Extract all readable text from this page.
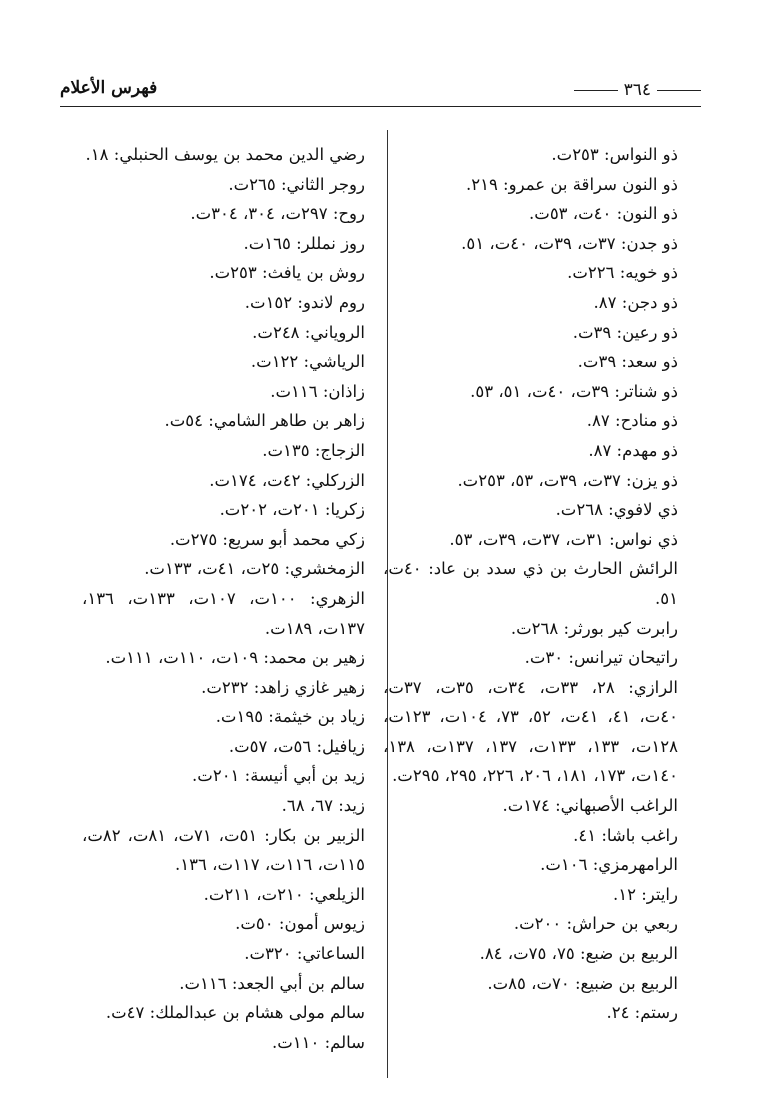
فهرس الأعلام	٣٦٤
ذو النواس: ٢٥٣ت.
ذو النون سراقة بن عمرو: ٢١٩.
ذو النون: ٤٠ت، ٥٣ت.
ذو جدن: ٣٧ت، ٣٩ت، ٤٠ت، ٥١.
ذو خويه: ٢٢٦ت.
ذو دجن: ٨٧.
ذو رعين: ٣٩ت.
ذو سعد: ٣٩ت.
ذو شناتر: ٣٩ت، ٤٠ت، ٥١، ٥٣.
ذو منادح: ٨٧.
ذو مهدم: ٨٧.
ذو يزن: ٣٧ت، ٣٩ت، ٥٣، ٢٥٣ت.
ذي لافوي: ٢٦٨ت.
ذي نواس: ٣١ت، ٣٧ت، ٣٩ت، ٥٣.
الرائش الحارث بن ذي سدد بن عاد: ٤٠ت، ٥١.
رابرت كير بورثر: ٢٦٨ت.
راتيحان تيرانس: ٣٠ت.
الرازي: ٢٨، ٣٣ت، ٣٤ت، ٣٥ت، ٣٧ت، ٤٠ت، ٤١، ٤١ت، ٥٢، ٧٣، ١٠٤ت، ١٢٣ت، ١٢٨ت، ١٣٣، ١٣٣ت، ١٣٧، ١٣٧ت، ١٣٨، ١٤٠ت، ١٧٣، ١٨١، ٢٠٦، ٢٢٦، ٢٩٥، ٢٩٥ت.
الراغب الأصبهاني: ١٧٤ت.
راغب باشا: ٤١.
الرامهرمزي: ١٠٦ت.
رايتر: ١٢.
ربعي بن حراش: ٢٠٠ت.
الربيع بن ضبع: ٧٥، ٧٥ت، ٨٤.
الربيع بن ضبيع: ٧٠ت، ٨٥ت.
رستم: ٢٤.
رضي الدين محمد بن يوسف الحنبلي: ١٨.
روجر الثاني: ٢٦٥ت.
روح: ٢٩٧ت، ٣٠٤، ٣٠٤ت.
روز نمللر: ١٦٥ت.
روش بن يافث: ٢٥٣ت.
روم لاندو: ١٥٢ت.
الروياني: ٢٤٨ت.
الرياشي: ١٢٢ت.
زاذان: ١١٦ت.
زاهر بن طاهر الشامي: ٥٤ت.
الزجاج: ١٣٥ت.
الزركلي: ٤٢ت، ١٧٤ت.
زكريا: ٢٠١ت، ٢٠٢ت.
زكي محمد أبو سريع: ٢٧٥ت.
الزمخشري: ٢٥ت، ٤١ت، ١٣٣ت.
الزهري: ١٠٠ت، ١٠٧ت، ١٣٣ت، ١٣٦، ١٣٧ت، ١٨٩ت.
زهير بن محمد: ١٠٩ت، ١١٠ت، ١١١ت.
زهير غازي زاهد: ٢٣٢ت.
زياد بن خيثمة: ١٩٥ت.
زيافيل: ٥٦ت، ٥٧ت.
زيد بن أبي أنيسة: ٢٠١ت.
زيد: ٦٧، ٦٨.
الزبير بن بكار: ٥١ت، ٧١ت، ٨١ت، ٨٢ت، ١١٥ت، ١١٦ت، ١١٧ت، ١٣٦.
الزيلعي: ٢١٠ت، ٢١١ت.
زيوس أمون: ٥٠ت.
الساعاتي: ٣٢٠ت.
سالم بن أبي الجعد: ١١٦ت.
سالم مولى هشام بن عبدالملك: ٤٧ت.
سالم: ١١٠ت.
